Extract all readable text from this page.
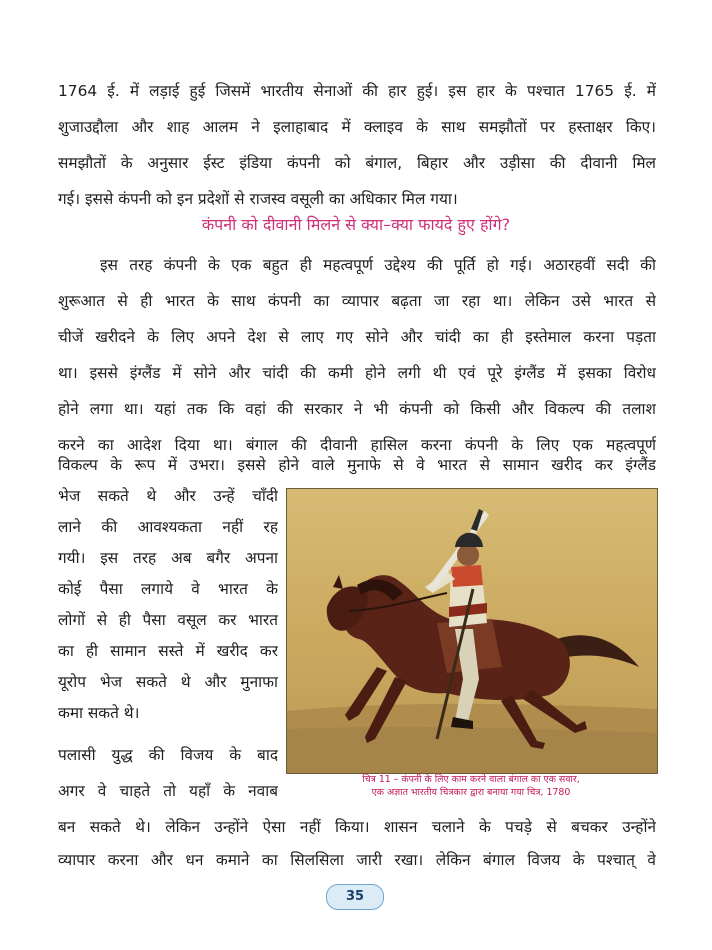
1764 ई. में लड़ाई हुई जिसमें भारतीय सेनाओं की हार हुई। इस हार के पश्चात 1765 ई. में
शुजाउद्दौला और शाह आलम ने इलाहाबाद में क्लाइव के साथ समझौतों पर हस्ताक्षर किए।
समझौतों के अनुसार ईस्ट इंडिया कंपनी को बंगाल, बिहार और उड़ीसा की दीवानी मिल
गई। इससे कंपनी को इन प्रदेशों से राजस्व वसूली का अधिकार मिल गया।
कंपनी को दीवानी मिलने से क्या–क्या फायदे हुए होंगे?
इस तरह कंपनी के एक बहुत ही महत्वपूर्ण उद्देश्य की पूर्ति हो गई। अठारहवीं सदी की
शुरूआत से ही भारत के साथ कंपनी का व्यापार बढ़ता जा रहा था। लेकिन उसे भारत से
चीजें खरीदने के लिए अपने देश से लाए गए सोने और चांदी का ही इस्तेमाल करना पड़ता
था। इससे इंग्लैंड में सोने और चांदी की कमी होने लगी थी एवं पूरे इंग्लैंड में इसका विरोध
होने लगा था। यहां तक कि वहां की सरकार ने भी कंपनी को किसी और विकल्प की तलाश
करने का आदेश दिया था। बंगाल की दीवानी हासिल करना कंपनी के लिए एक महत्वपूर्ण
विकल्प के रूप में उभरा। इससे होने वाले मुनाफे से वे भारत से सामान खरीद कर इंग्लैंड
भेज सकते थे और उन्हें चाँदी
लाने की आवश्यकता नहीं रह
गयी। इस तरह अब बगैर अपना
कोई पैसा लगाये वे भारत के
लोगों से ही पैसा वसूल कर भारत
का ही सामान सस्ते में खरीद कर
यूरोप भेज सकते थे और मुनाफा
कमा सकते थे।
पलासी युद्ध की विजय के बाद
अगर वे चाहते तो यहाँ के नवाब
चित्र 11 – कंपनी के लिए काम करने वाला बंगाल का एक सवार,
एक अज्ञात भारतीय चित्रकार द्वारा बनाया गया चित्र, 1780
बन सकते थे। लेकिन उन्होंने ऐसा नहीं किया। शासन चलाने के पचड़े से बचकर उन्होंने
व्यापार करना और धन कमाने का सिलसिला जारी रखा। लेकिन बंगाल विजय के पश्चात् वे
35
